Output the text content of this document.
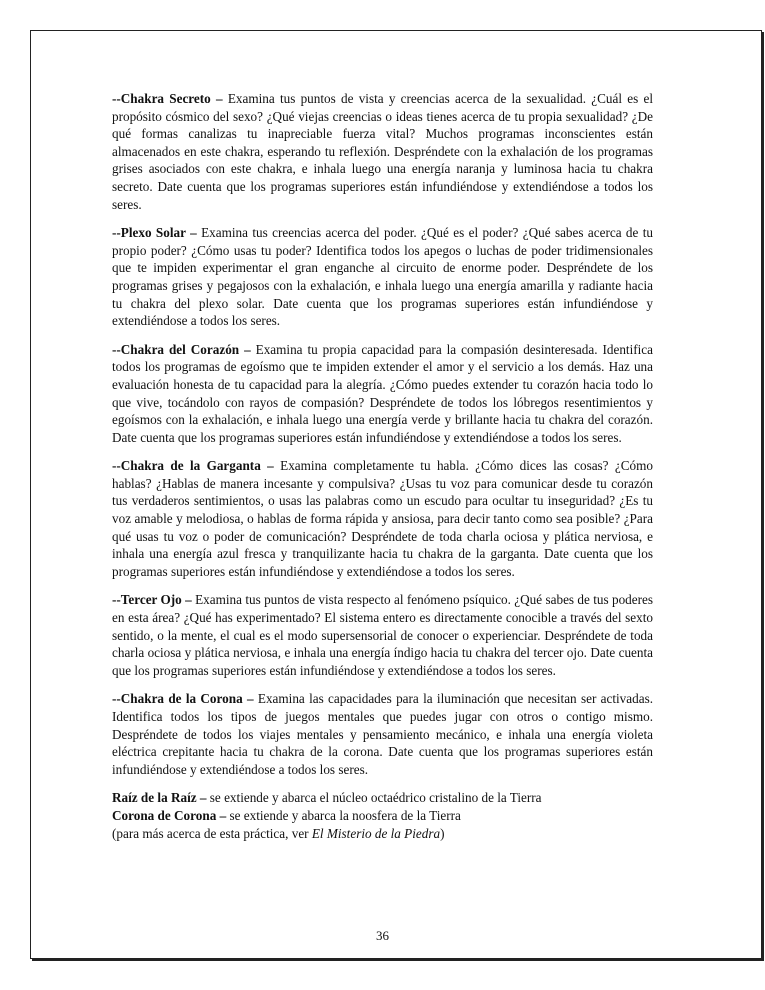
--Chakra Secreto – Examina tus puntos de vista y creencias acerca de la sexualidad. ¿Cuál es el propósito cósmico del sexo? ¿Qué viejas creencias o ideas tienes acerca de tu propia sexualidad? ¿De qué formas canalizas tu inapreciable fuerza vital? Muchos programas inconscientes están almacenados en este chakra, esperando tu reflexión. Despréndete con la exhalación de los programas grises asociados con este chakra, e inhala luego una energía naranja y luminosa hacia tu chakra secreto. Date cuenta que los programas superiores están infundiéndose y extendiéndose a todos los seres.

--Plexo Solar – Examina tus creencias acerca del poder. ¿Qué es el poder? ¿Qué sabes acerca de tu propio poder? ¿Cómo usas tu poder? Identifica todos los apegos o luchas de poder tridimensionales que te impiden experimentar el gran enganche al circuito de enorme poder. Despréndete de los programas grises y pegajosos con la exhalación, e inhala luego una energía amarilla y radiante hacia tu chakra del plexo solar. Date cuenta que los programas superiores están infundiéndose y extendiéndose a todos los seres.

--Chakra del Corazón – Examina tu propia capacidad para la compasión desinteresada. Identifica todos los programas de egoísmo que te impiden extender el amor y el servicio a los demás. Haz una evaluación honesta de tu capacidad para la alegría. ¿Cómo puedes extender tu corazón hacia todo lo que vive, tocándolo con rayos de compasión? Despréndete de todos los lóbregos resentimientos y egoísmos con la exhalación, e inhala luego una energía verde y brillante hacia tu chakra del corazón. Date cuenta que los programas superiores están infundiéndose y extendiéndose a todos los seres.

--Chakra de la Garganta – Examina completamente tu habla. ¿Cómo dices las cosas? ¿Cómo hablas? ¿Hablas de manera incesante y compulsiva? ¿Usas tu voz para comunicar desde tu corazón tus verdaderos sentimientos, o usas las palabras como un escudo para ocultar tu inseguridad? ¿Es tu voz amable y melodiosa, o hablas de forma rápida y ansiosa, para decir tanto como sea posible? ¿Para qué usas tu voz o poder de comunicación? Despréndete de toda charla ociosa y plática nerviosa, e inhala una energía azul fresca y tranquilizante hacia tu chakra de la garganta. Date cuenta que los programas superiores están infundiéndose y extendiéndose a todos los seres.

--Tercer Ojo – Examina tus puntos de vista respecto al fenómeno psíquico. ¿Qué sabes de tus poderes en esta área? ¿Qué has experimentado? El sistema entero es directamente conocible a través del sexto sentido, o la mente, el cual es el modo supersensorial de conocer o experienciar. Despréndete de toda charla ociosa y plática nerviosa, e inhala una energía índigo hacia tu chakra del tercer ojo. Date cuenta que los programas superiores están infundiéndose y extendiéndose a todos los seres.

--Chakra de la Corona – Examina las capacidades para la iluminación que necesitan ser activadas. Identifica todos los tipos de juegos mentales que puedes jugar con otros o contigo mismo. Despréndete de todos los viajes mentales y pensamiento mecánico, e inhala una energía violeta eléctrica crepitante hacia tu chakra de la corona. Date cuenta que los programas superiores están infundiéndose y extendiéndose a todos los seres.

Raíz de la Raíz – se extiende y abarca el núcleo octaédrico cristalino de la Tierra

Corona de Corona – se extiende y abarca la noosfera de la Tierra

(para más acerca de esta práctica, ver El Misterio de la Piedra)

36
